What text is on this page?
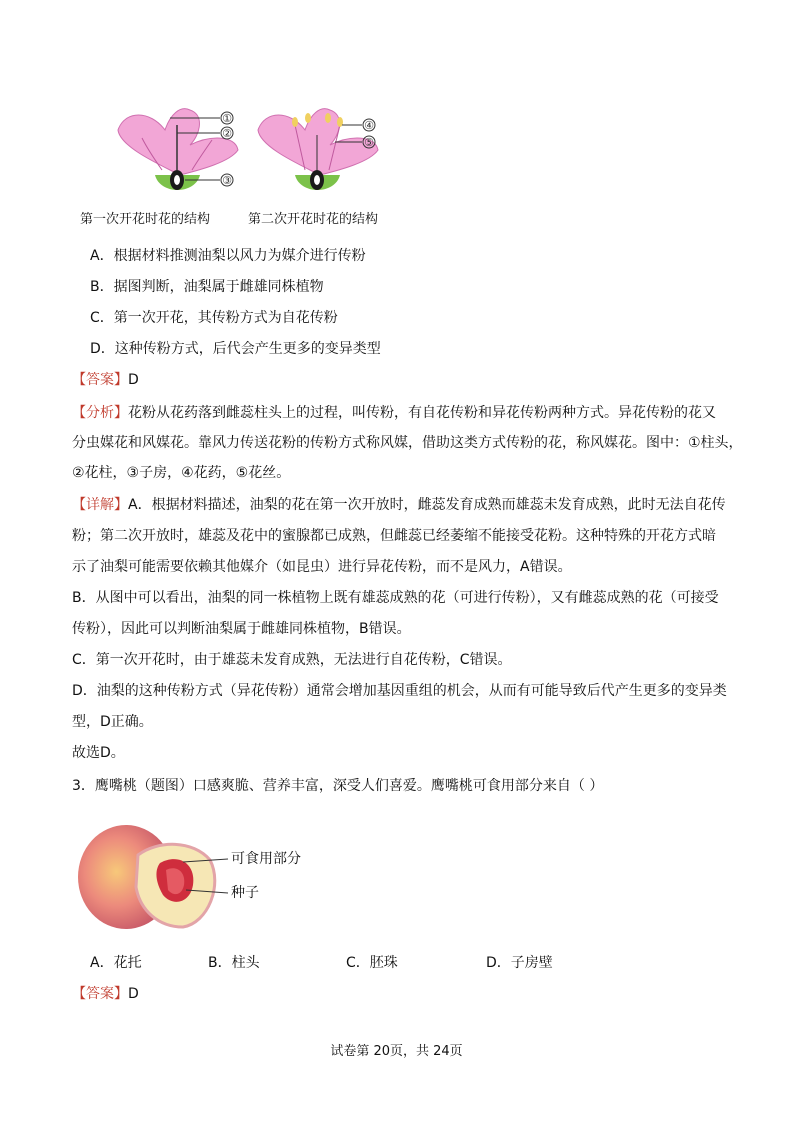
①
②
③
④
⑤
第一次开花时花的结构	第二次开花时花的结构
A．根据材料推测油梨以风力为媒介进行传粉
B．据图判断，油梨属于雌雄同株植物
C．第一次开花，其传粉方式为自花传粉
D．这种传粉方式，后代会产生更多的变异类型
【答案】D
【分析】花粉从花药落到雌蕊柱头上的过程，叫传粉，有自花传粉和异花传粉两种方式。异花传粉的花又
分虫媒花和风媒花。靠风力传送花粉的传粉方式称风媒，借助这类方式传粉的花，称风媒花。图中：①柱头，
②花柱，③子房，④花药，⑤花丝。
【详解】A．根据材料描述，油梨的花在第一次开放时，雌蕊发育成熟而雄蕊未发育成熟，此时无法自花传
粉；第二次开放时，雄蕊及花中的蜜腺都已成熟，但雌蕊已经萎缩不能接受花粉。这种特殊的开花方式暗
示了油梨可能需要依赖其他媒介（如昆虫）进行异花传粉，而不是风力，A错误。
B．从图中可以看出，油梨的同一株植物上既有雄蕊成熟的花（可进行传粉），又有雌蕊成熟的花（可接受
传粉），因此可以判断油梨属于雌雄同株植物，B错误。
C．第一次开花时，由于雄蕊未发育成熟，无法进行自花传粉，C错误。
D．油梨的这种传粉方式（异花传粉）通常会增加基因重组的机会，从而有可能导致后代产生更多的变异类
型，D正确。
故选D。
3．鹰嘴桃（题图）口感爽脆、营养丰富，深受人们喜爱。鹰嘴桃可食用部分来自（ ）
可食用部分
种子
A．花托	B．柱头	C．胚珠	D．子房壁
【答案】D
试卷第 20页，共 24页
